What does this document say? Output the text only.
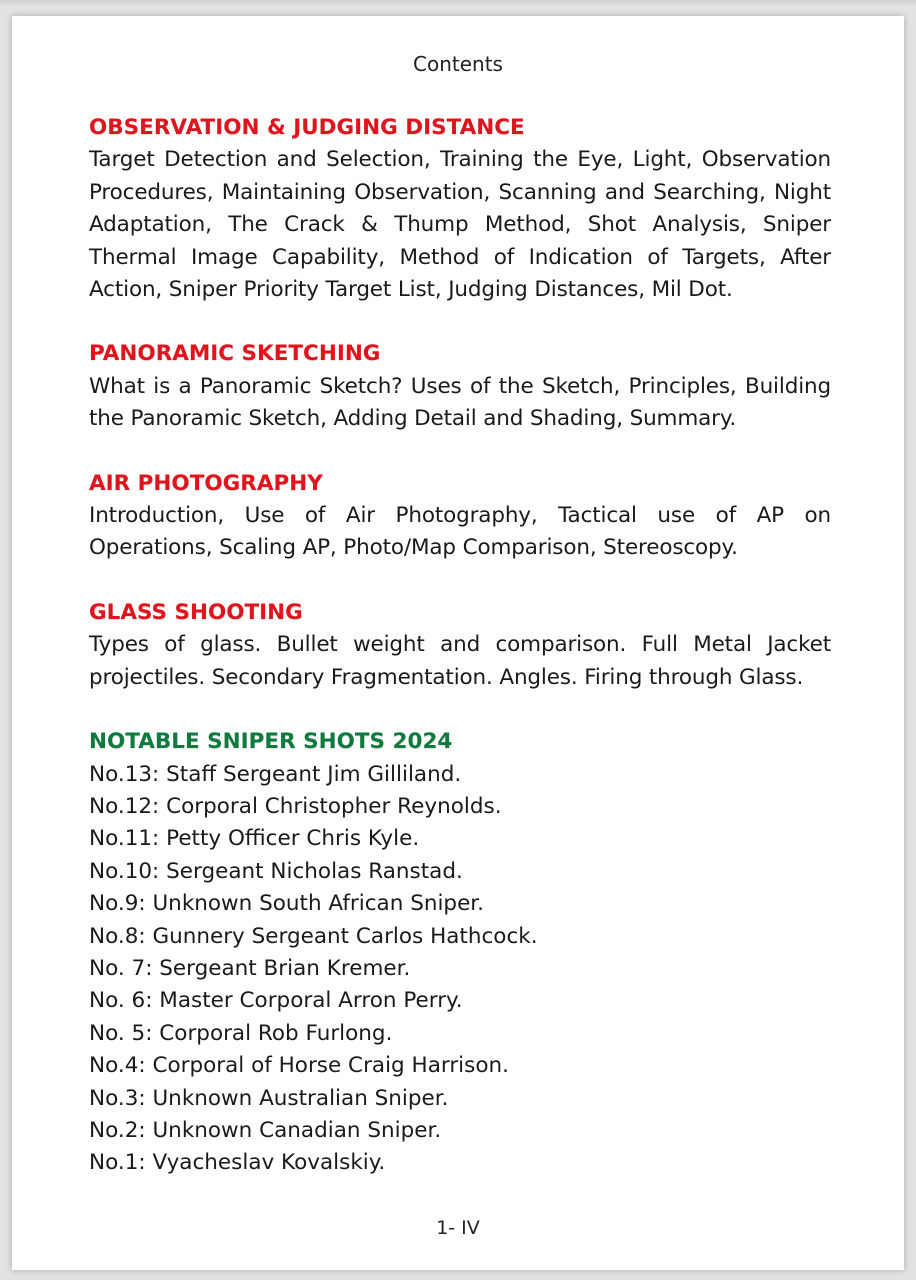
Contents
OBSERVATION & JUDGING DISTANCE
Target Detection and Selection, Training the Eye, Light, Observation Procedures, Maintaining Observation, Scanning and Searching, Night Adaptation, The Crack & Thump Method, Shot Analysis, Sniper Thermal Image Capability, Method of Indication of Targets, After Action, Sniper Priority Target List, Judging Distances, Mil Dot.
PANORAMIC SKETCHING
What is a Panoramic Sketch? Uses of the Sketch, Principles, Building the Panoramic Sketch, Adding Detail and Shading, Summary.
AIR PHOTOGRAPHY
Introduction, Use of Air Photography, Tactical use of AP on Operations, Scaling AP, Photo/Map Comparison, Stereoscopy.
GLASS SHOOTING
Types of glass. Bullet weight and comparison. Full Metal Jacket projectiles. Secondary Fragmentation. Angles. Firing through Glass.
NOTABLE SNIPER SHOTS 2024
No.13: Staff Sergeant Jim Gilliland.
No.12: Corporal Christopher Reynolds.
No.11: Petty Officer Chris Kyle.
No.10: Sergeant Nicholas Ranstad.
No.9: Unknown South African Sniper.
No.8: Gunnery Sergeant Carlos Hathcock.
No. 7: Sergeant Brian Kremer.
No. 6: Master Corporal Arron Perry.
No. 5: Corporal Rob Furlong.
No.4: Corporal of Horse Craig Harrison.
No.3: Unknown Australian Sniper.
No.2: Unknown Canadian Sniper.
No.1: Vyacheslav Kovalskiy.
1- IV
